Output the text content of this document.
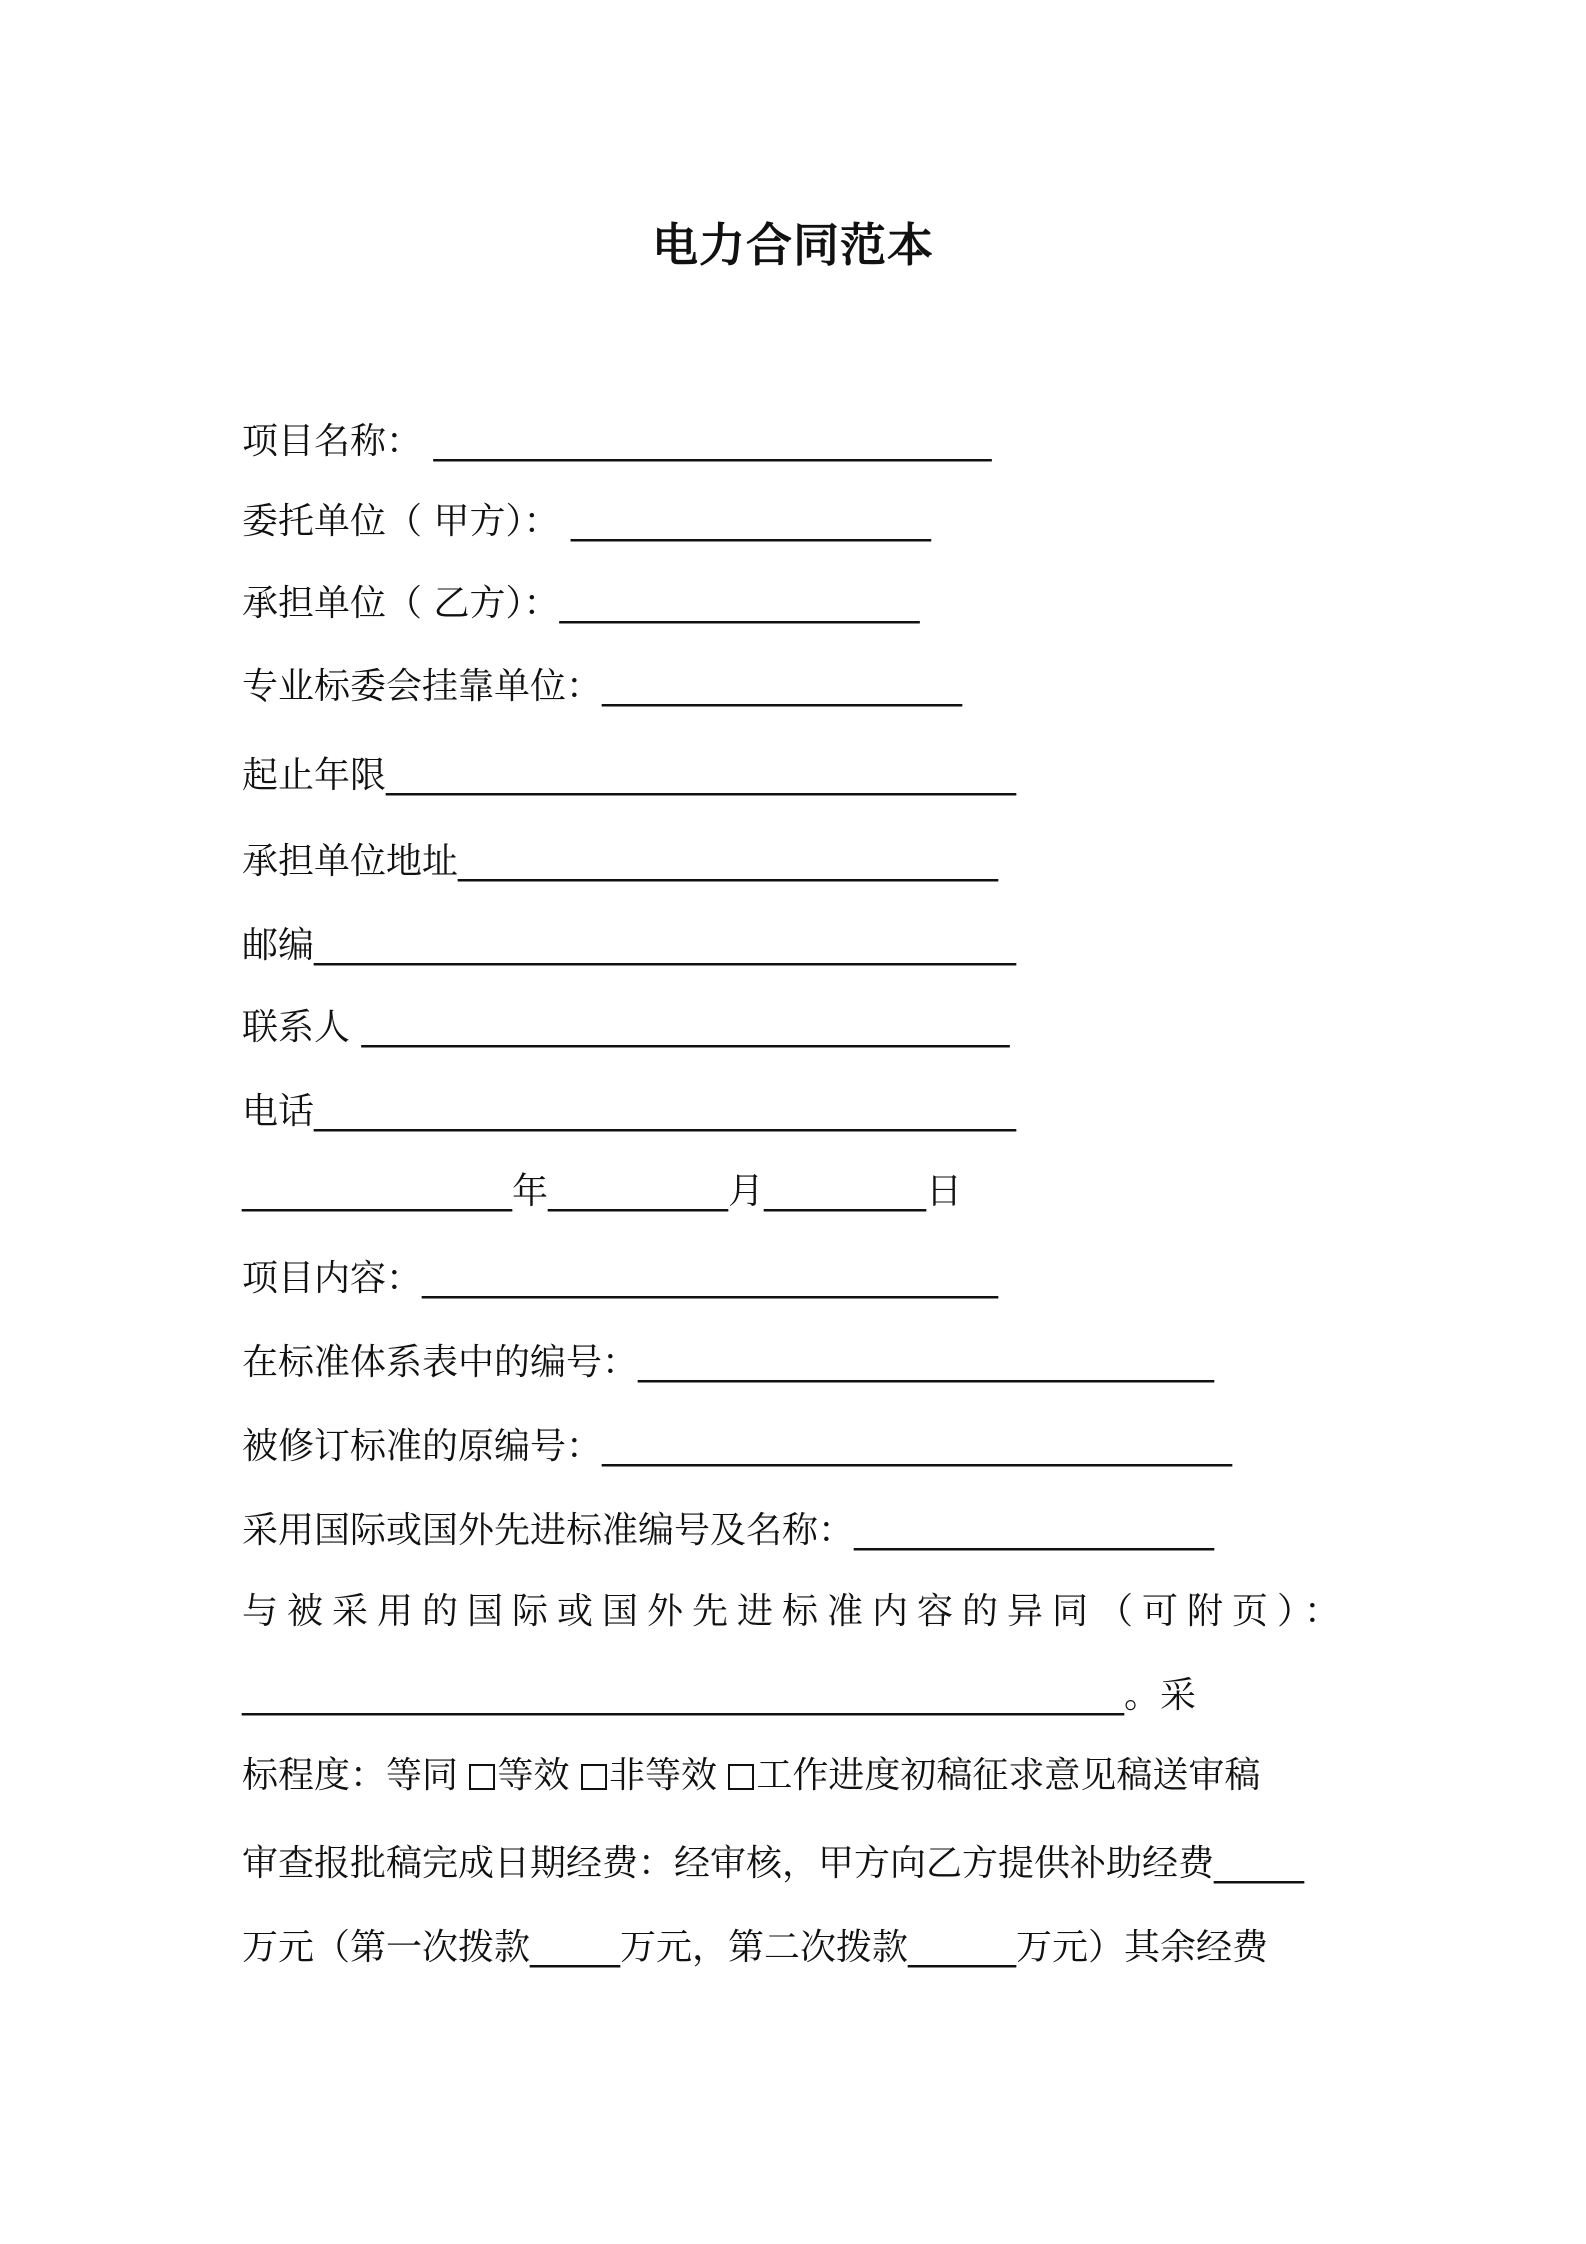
电力合同范本
项目名称： _______________________________
委托单位（ 甲方）： ____________________
承担单位（ 乙方）：____________________
专业标委会挂靠单位：____________________
起止年限___________________________________
承担单位地址______________________________
邮编_______________________________________
联系人 ____________________________________
电话_______________________________________
_______________年__________月_________日
项目内容：________________________________
在标准体系表中的编号：________________________________
被修订标准的原编号：___________________________________
采用国际或国外先进标准编号及名称：____________________
与被采用的国际或国外先进标准内容的异同（可附页）：
_________________________________________________。采
标程度：等同 等效 非等效 工作进度初稿征求意见稿送审稿
审查报批稿完成日期经费：经审核，甲方向乙方提供补助经费_____
万元（第一次拨款_____万元，第二次拨款______万元）其余经费
